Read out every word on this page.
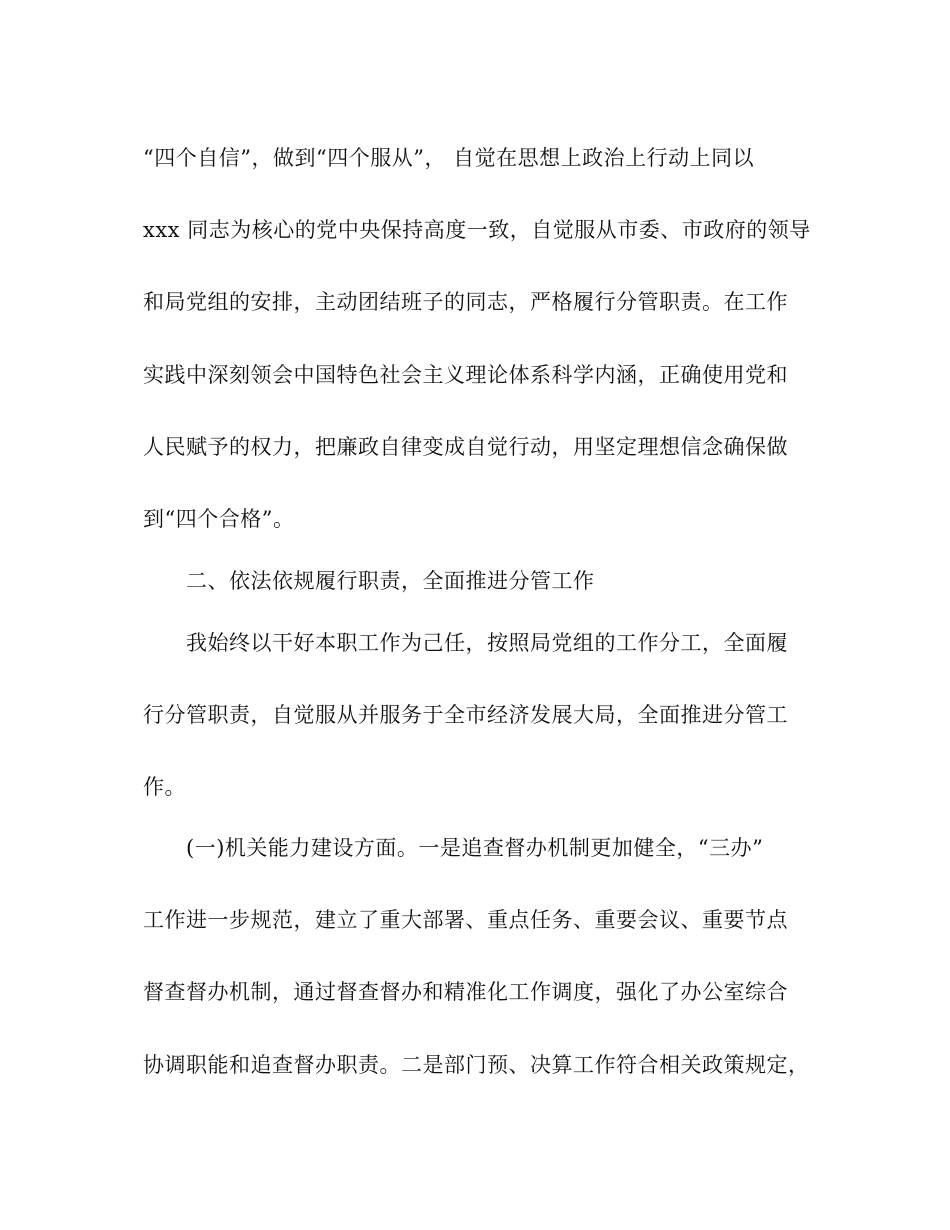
“四个自信”，做到“四个服从”， 自觉在思想上政治上行动上同以
xxx 同志为核心的党中央保持高度一致，自觉服从市委、市政府的领导
和局党组的安排，主动团结班子的同志，严格履行分管职责。在工作
实践中深刻领会中国特色社会主义理论体系科学内涵，正确使用党和
人民赋予的权力，把廉政自律变成自觉行动，用坚定理想信念确保做
到“四个合格”。
二、依法依规履行职责，全面推进分管工作
我始终以干好本职工作为己任，按照局党组的工作分工，全面履
行分管职责，自觉服从并服务于全市经济发展大局，全面推进分管工
作。
(一)机关能力建设方面。一是追查督办机制更加健全，“三办”
工作进一步规范，建立了重大部署、重点任务、重要会议、重要节点
督查督办机制，通过督查督办和精准化工作调度，强化了办公室综合
协调职能和追查督办职责。二是部门预、决算工作符合相关政策规定，
